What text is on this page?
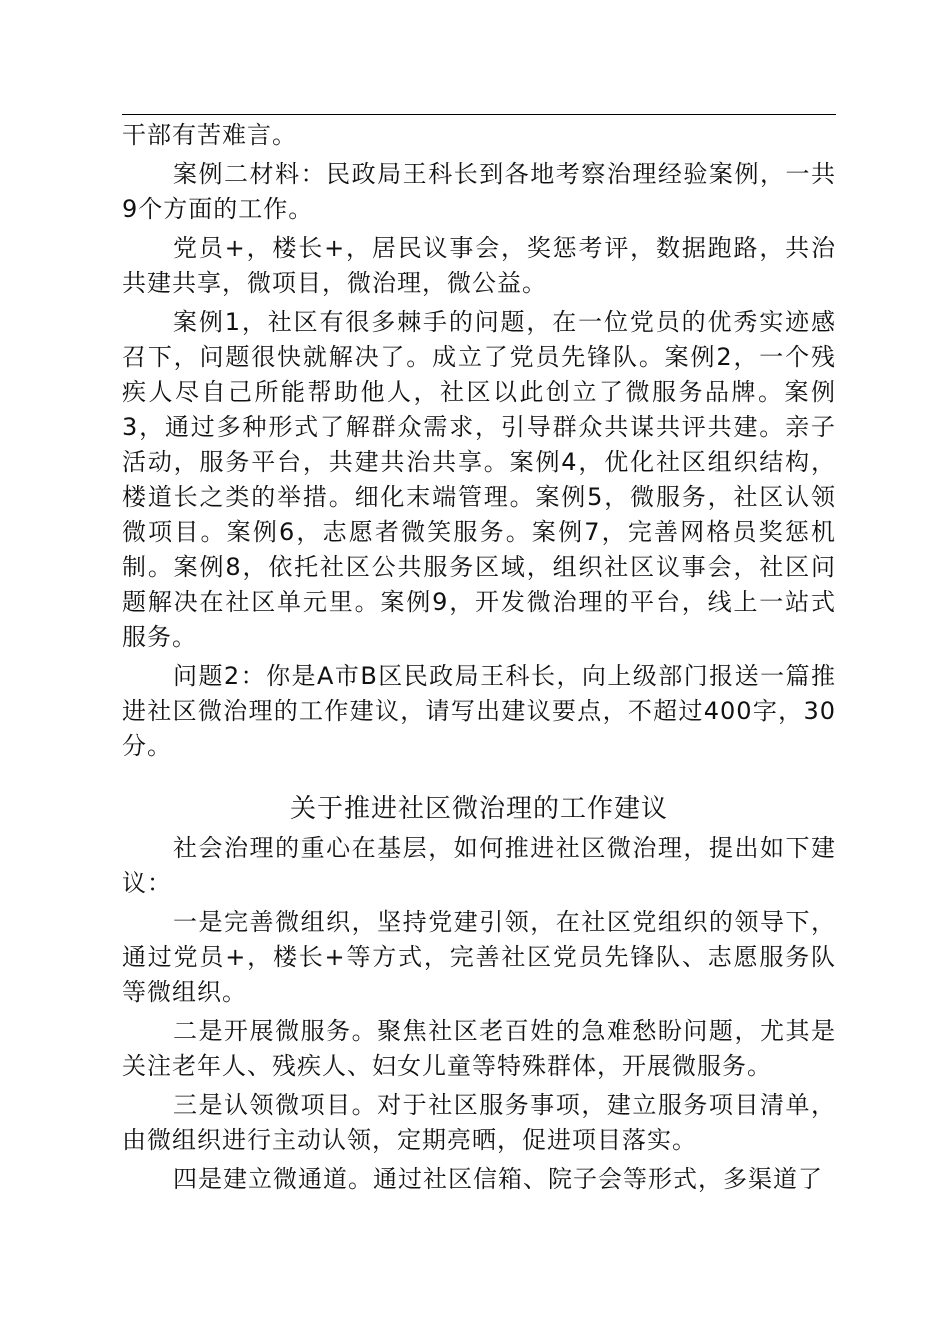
干部有苦难言。

案例二材料：民政局王科长到各地考察治理经验案例，一共9个方面的工作。

党员+，楼长+，居民议事会，奖惩考评，数据跑路，共治共建共享，微项目，微治理，微公益。

案例1，社区有很多棘手的问题，在一位党员的优秀实迹感召下，问题很快就解决了。成立了党员先锋队。案例2，一个残疾人尽自己所能帮助他人，社区以此创立了微服务品牌。案例3，通过多种形式了解群众需求，引导群众共谋共评共建。亲子活动，服务平台，共建共治共享。案例4，优化社区组织结构，楼道长之类的举措。细化末端管理。案例5，微服务，社区认领微项目。案例6，志愿者微笑服务。案例7，完善网格员奖惩机制。案例8，依托社区公共服务区域，组织社区议事会，社区问题解决在社区单元里。案例9，开发微治理的平台，线上一站式服务。

问题2：你是A市B区民政局王科长，向上级部门报送一篇推进社区微治理的工作建议，请写出建议要点，不超过400字，30分。

关于推进社区微治理的工作建议

社会治理的重心在基层，如何推进社区微治理，提出如下建议：

一是完善微组织，坚持党建引领，在社区党组织的领导下，通过党员+，楼长+等方式，完善社区党员先锋队、志愿服务队等微组织。

二是开展微服务。聚焦社区老百姓的急难愁盼问题，尤其是关注老年人、残疾人、妇女儿童等特殊群体，开展微服务。

三是认领微项目。对于社区服务事项，建立服务项目清单，由微组织进行主动认领，定期亮晒，促进项目落实。

四是建立微通道。通过社区信箱、院子会等形式，多渠道了
